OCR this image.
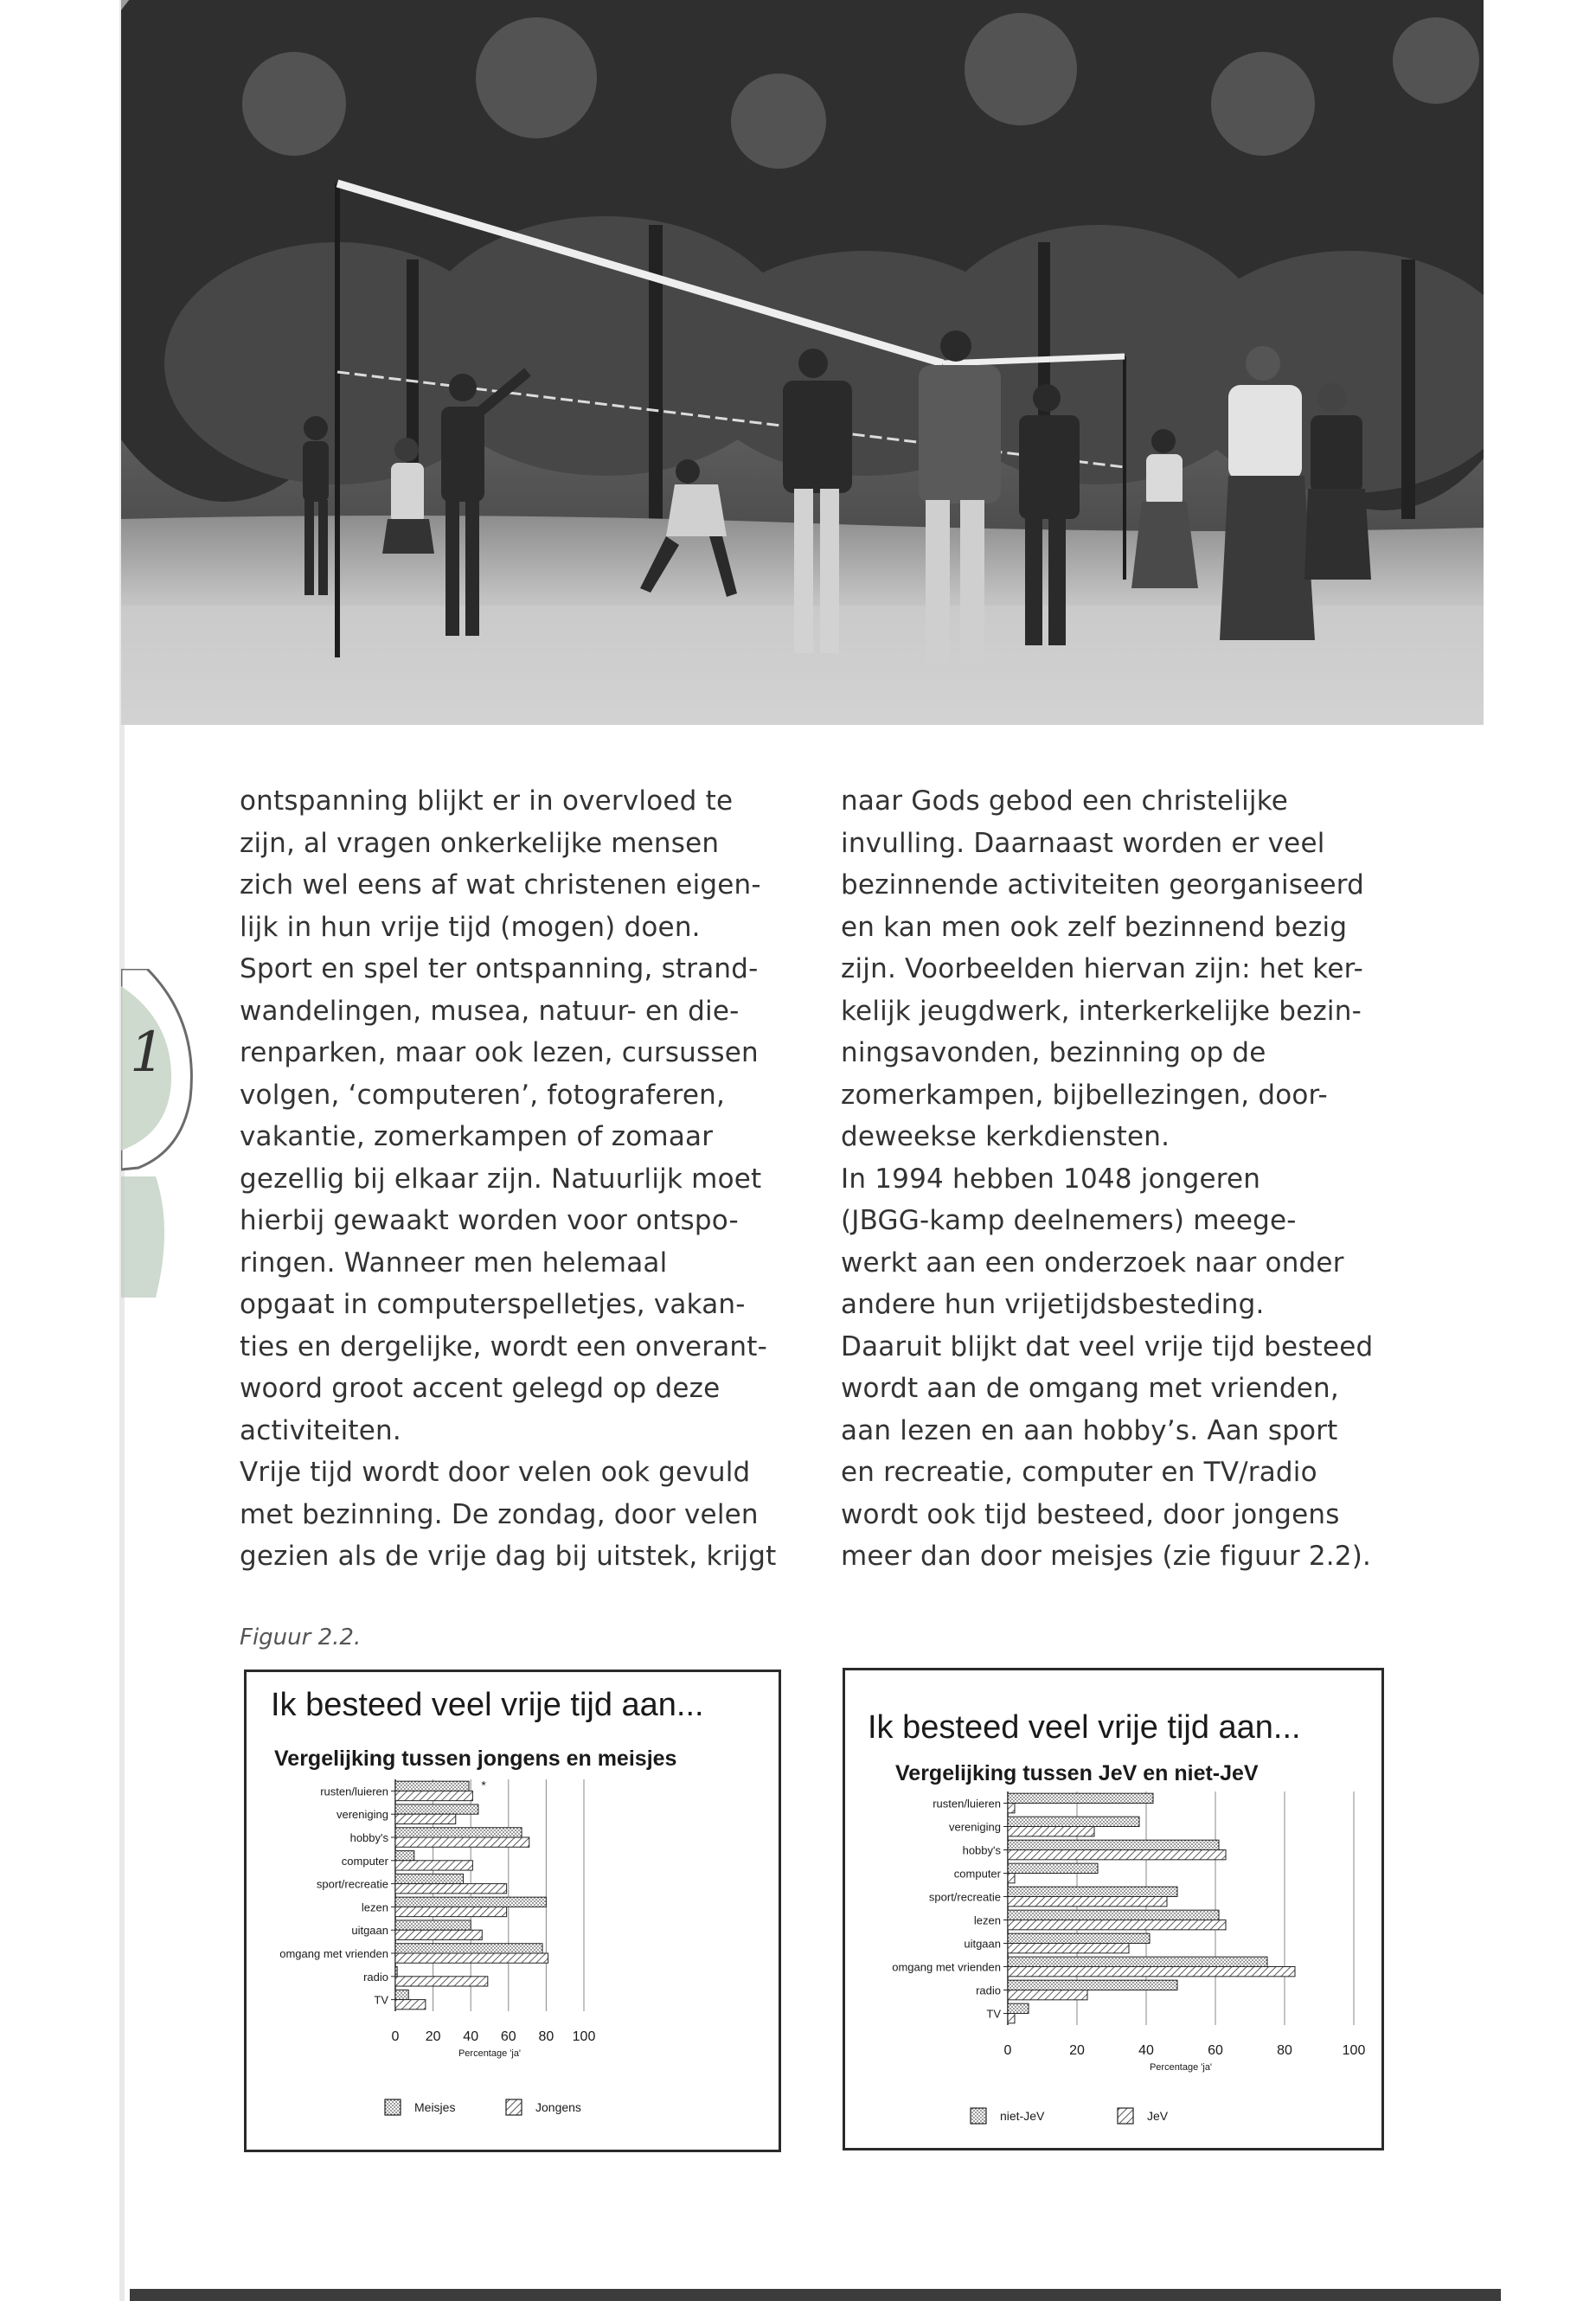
1

ontspanning blijkt er in overvloed te

zijn, al vragen onkerkelijke mensen

zich wel eens af wat christenen eigen-

lijk in hun vrije tijd (mogen) doen.

Sport en spel ter ontspanning, strand-

wandelingen, musea, natuur- en die-

renparken, maar ook lezen, cursussen

volgen, ‘computeren’, fotograferen,

vakantie, zomerkampen of zomaar

gezellig bij elkaar zijn. Natuurlijk moet

hierbij gewaakt worden voor ontspo-

ringen. Wanneer men helemaal

opgaat in computerspelletjes, vakan-

ties en dergelijke, wordt een onverant-

woord groot accent gelegd op deze

activiteiten.

Vrije tijd wordt door velen ook gevuld

met bezinning. De zondag, door velen

gezien als de vrije dag bij uitstek, krijgt

naar Gods gebod een christelijke

invulling. Daarnaast worden er veel

bezinnende activiteiten georganiseerd

en kan men ook zelf bezinnend bezig

zijn. Voorbeelden hiervan zijn: het ker-

kelijk jeugdwerk, interkerkelijke bezin-

ningsavonden, bezinning op de

zomerkampen, bijbellezingen, door-

deweekse kerkdiensten.

In 1994 hebben 1048 jongeren

(JBGG-kamp deelnemers) meege-

werkt aan een onderzoek naar onder

andere hun vrijetijdsbesteding.

Daaruit blijkt dat veel vrije tijd besteed

wordt aan de omgang met vrienden,

aan lezen en aan hobby’s. Aan sport

en recreatie, computer en TV/radio

wordt ook tijd besteed, door jongens

meer dan door meisjes (zie figuur 2.2).

Figuur 2.2.
Ik besteed veel vrije tijd aan...
Vergelijking tussen jongens en meisjes
0 20 40 60 80 100
Percentage 'ja'
rusten/luieren
vereniging
hobby's
computer
sport/recreatie
lezen
uitgaan
omgang met vrienden
radio
TV
*
Meisjes	Jongens
Ik besteed veel vrije tijd aan...
Vergelijking tussen JeV en niet-JeV
0	20	40	60	80	100
Percentage 'ja'
rusten/luieren
vereniging
hobby's
computer
sport/recreatie
lezen
uitgaan
omgang met vrienden
radio
TV
niet-JeV	JeV
